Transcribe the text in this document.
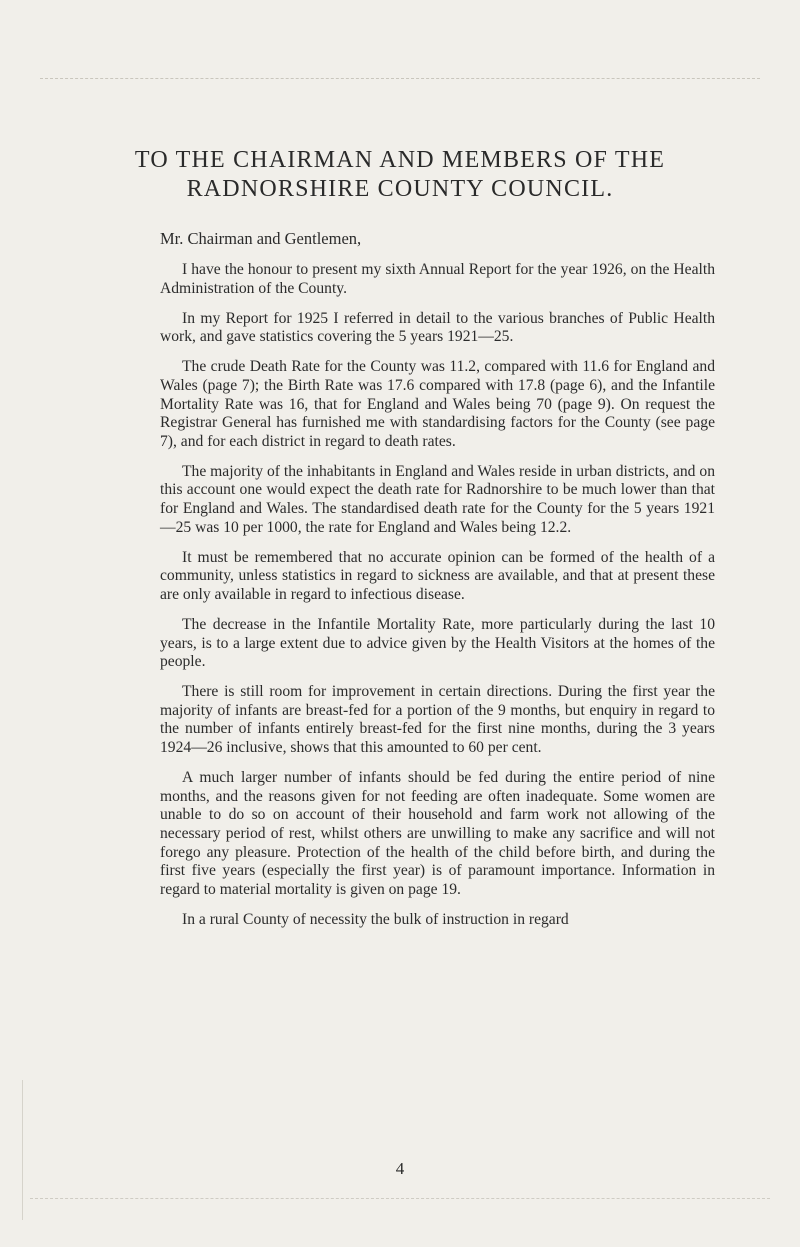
TO THE CHAIRMAN AND MEMBERS OF THE
RADNORSHIRE COUNTY COUNCIL.

Mr. Chairman and Gentlemen,

I have the honour to present my sixth Annual Report for the year 1926, on the Health Administration of the County.

In my Report for 1925 I referred in detail to the various branches of Public Health work, and gave statistics covering the 5 years 1921—25.

The crude Death Rate for the County was 11.2, compared with 11.6 for England and Wales (page 7); the Birth Rate was 17.6 compared with 17.8 (page 6), and the Infantile Mortality Rate was 16, that for England and Wales being 70 (page 9). On request the Registrar General has furnished me with standardising factors for the County (see page 7), and for each district in regard to death rates.

The majority of the inhabitants in England and Wales reside in urban districts, and on this account one would expect the death rate for Radnorshire to be much lower than that for England and Wales. The standardised death rate for the County for the 5 years 1921—25 was 10 per 1000, the rate for England and Wales being 12.2.

It must be remembered that no accurate opinion can be formed of the health of a community, unless statistics in regard to sickness are available, and that at present these are only available in regard to infectious disease.

The decrease in the Infantile Mortality Rate, more particularly during the last 10 years, is to a large extent due to advice given by the Health Visitors at the homes of the people.

There is still room for improvement in certain directions. During the first year the majority of infants are breast-fed for a portion of the 9 months, but enquiry in regard to the number of infants entirely breast-fed for the first nine months, during the 3 years 1924—26 inclusive, shows that this amounted to 60 per cent.

A much larger number of infants should be fed during the entire period of nine months, and the reasons given for not feeding are often inadequate. Some women are unable to do so on account of their household and farm work not allowing of the necessary period of rest, whilst others are unwilling to make any sacrifice and will not forego any pleasure. Protection of the health of the child before birth, and during the first five years (especially the first year) is of paramount importance. Information in regard to material mortality is given on page 19.

In a rural County of necessity the bulk of instruction in regard

4
